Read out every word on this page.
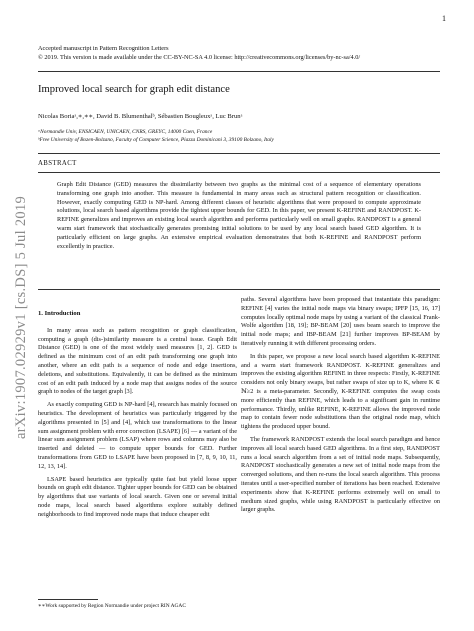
1
Accepted manuscript in Pattern Recognition Letters
© 2019. This version is made available under the CC-BY-NC-SA 4.0 license: http://creativecommons.org/licenses/by-nc-sa/4.0/
Improved local search for graph edit distance
Nicolas Boriaᵃ,∗,∗∗, David B. Blumenthalᵇ, Sébastien Bougleuxᵃ, Luc Brunᵃ
ᵃNormandie Univ, ENSICAEN, UNICAEN, CNRS, GREYC, 14000 Caen, France
ᵇFree University of Bozen-Bolzano, Faculty of Computer Science, Piazza Dominicani 3, 39100 Bolzano, Italy
ABSTRACT
Graph Edit Distance (GED) measures the dissimilarity between two graphs as the minimal cost of a sequence of elementary operations transforming one graph into another. This measure is fundamental in many areas such as structural pattern recognition or classification. However, exactly computing GED is NP-hard. Among different classes of heuristic algorithms that were proposed to compute approximate solutions, local search based algorithms provide the tightest upper bounds for GED. In this paper, we present K-REFINE and RANDPOST. K-REFINE generalizes and improves an existing local search algorithm and performs particularly well on small graphs. RANDPOST is a general warm start framework that stochastically generates promising initial solutions to be used by any local search based GED algorithm. It is particularly efficient on large graphs. An extensive empirical evaluation demonstrates that both K-REFINE and RANDPOST perform excellently in practice.
arXiv:1907.02929v1 [cs.DS] 5 Jul 2019 1. Introduction

In many areas such as pattern recognition or graph classification, computing a graph (dis-)similarity measure is a central issue. Graph Edit Distance (GED) is one of the most widely used measures [1, 2]. GED is defined as the minimum cost of an edit path transforming one graph into another, where an edit path is a sequence of node and edge insertions, deletions, and substitutions. Equivalently, it can be defined as the minimum cost of an edit path induced by a node map that assigns nodes of the source graph to nodes of the target graph [3].

As exactly computing GED is NP-hard [4], research has mainly focused on heuristics. The development of heuristics was particularly triggered by the algorithms presented in [5] and [4], which use transformations to the linear sum assignment problem with error correction (LSAPE) [6] — a variant of the linear sum assignment problem (LSAP) where rows and columns may also be inserted and deleted — to compute upper bounds for GED. Further transformations from GED to LSAPE have been proposed in [7, 8, 9, 10, 11, 12, 13, 14].

LSAPE based heuristics are typically quite fast but yield loose upper bounds on graph edit distance. Tighter upper bounds for GED can be obtained by algorithms that use variants of local search. Given one or several initial node maps, local search based algorithms explore suitably defined neighborhoods to find improved node maps that induce cheaper edit

paths. Several algorithms have been proposed that instantiate this paradigm: REFINE [4] varies the initial node maps via binary swaps; IPFP [15, 16, 17] computes locally optimal node maps by using a variant of the classical Frank-Wolfe algorithm [18, 19]; BP-BEAM [20] uses beam search to improve the initial node maps; and IBP-BEAM [21] further improves BP-BEAM by iteratively running it with different processing orders.

In this paper, we propose a new local search based algorithm K-REFINE and a warm start framework RANDPOST. K-REFINE generalizes and improves the existing algorithm REFINE in three respects: Firstly, K-REFINE considers not only binary swaps, but rather swaps of size up to K, where K ∈ ℕ≥2 is a meta-parameter. Secondly, K-REFINE computes the swap costs more efficiently than REFINE, which leads to a significant gain in runtime performance. Thirdly, unlike REFINE, K-REFINE allows the improved node map to contain fewer node substitutions than the original node map, which tightens the produced upper bound.

The framework RANDPOST extends the local search paradigm and hence improves all local search based GED algorithms. In a first step, RANDPOST runs a local search algorithm from a set of initial node maps. Subsequently, RANDPOST stochastically generates a new set of initial node maps from the converged solutions, and then re-runs the local search algorithm. This process iterates until a user-specified number of iterations has been reached. Extensive experiments show that K-REFINE performs extremely well on small to medium sized graphs, while using RANDPOST is particularly effective on larger graphs.

∗∗Work supported by Region Normandie under project RIN AGAC
